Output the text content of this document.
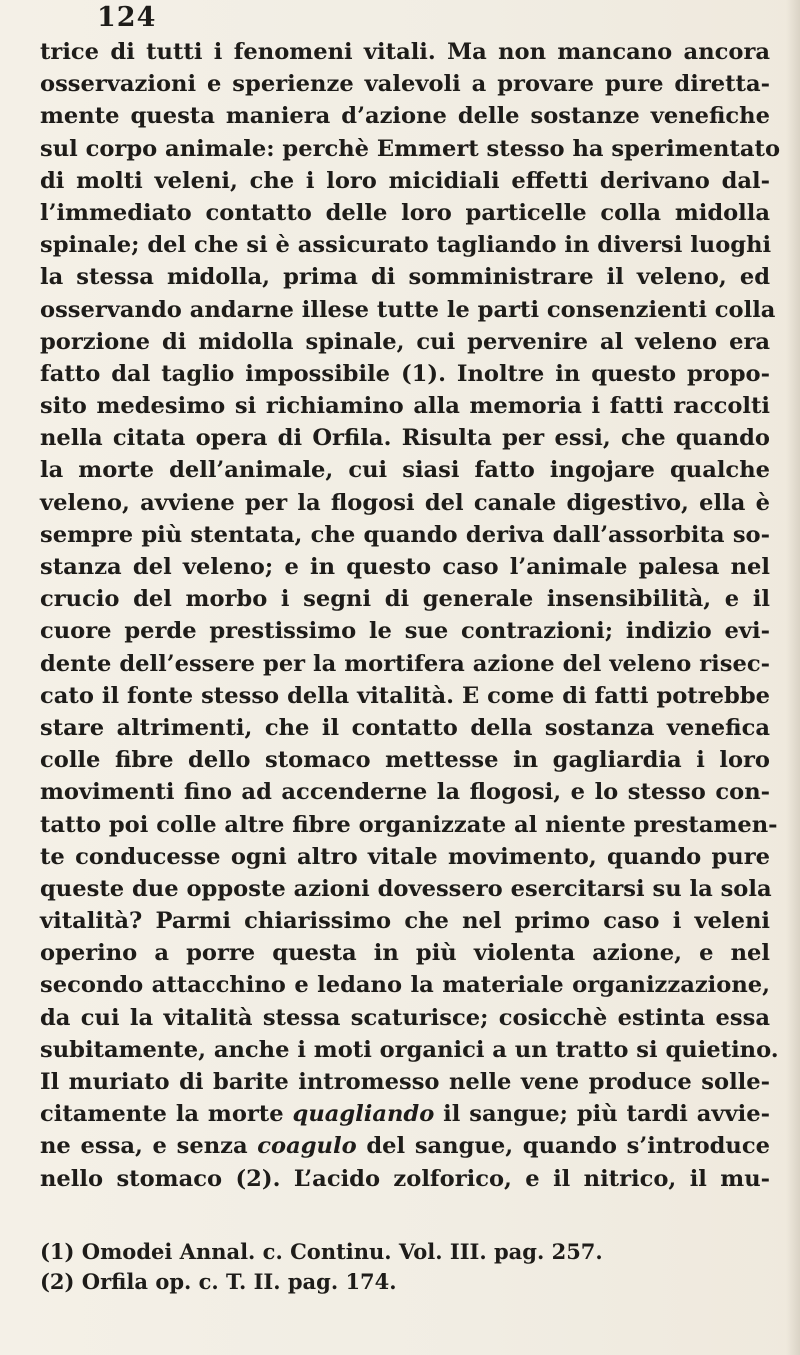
124
trice di tutti i fenomeni vitali. Ma non mancano ancora
osservazioni e sperienze valevoli a provare pure diretta-
mente questa maniera d’azione delle sostanze venefiche
sul corpo animale: perchè Emmert stesso ha sperimentato
di molti veleni, che i loro micidiali effetti derivano dal-
l’immediato contatto delle loro particelle colla midolla
spinale; del che si è assicurato tagliando in diversi luoghi
la stessa midolla, prima di somministrare il veleno, ed
osservando andarne illese tutte le parti consenzienti colla
porzione di midolla spinale, cui pervenire al veleno era
fatto dal taglio impossibile (1). Inoltre in questo propo-
sito medesimo si richiamino alla memoria i fatti raccolti
nella citata opera di Orfila. Risulta per essi, che quando
la morte dell’animale, cui siasi fatto ingojare qualche
veleno, avviene per la flogosi del canale digestivo, ella è
sempre più stentata, che quando deriva dall’assorbita so-
stanza del veleno; e in questo caso l’animale palesa nel
crucio del morbo i segni di generale insensibilità, e il
cuore perde prestissimo le sue contrazioni; indizio evi-
dente dell’essere per la mortifera azione del veleno risec-
cato il fonte stesso della vitalità. E come di fatti potrebbe
stare altrimenti, che il contatto della sostanza venefica
colle fibre dello stomaco mettesse in gagliardia i loro
movimenti fino ad accenderne la flogosi, e lo stesso con-
tatto poi colle altre fibre organizzate al niente prestamen-
te conducesse ogni altro vitale movimento, quando pure
queste due opposte azioni dovessero esercitarsi su la sola
vitalità? Parmi chiarissimo che nel primo caso i veleni
operino a porre questa in più violenta azione, e nel
secondo attacchino e ledano la materiale organizzazione,
da cui la vitalità stessa scaturisce; cosicchè estinta essa
subitamente, anche i moti organici a un tratto si quietino.
Il muriato di barite intromesso nelle vene produce solle-
citamente la morte quagliando il sangue; più tardi avvie-
ne essa, e senza coagulo del sangue, quando s’introduce
nello stomaco (2). L’acido zolforico, e il nitrico, il mu-
(1) Omodei Annal. c. Continu. Vol. III. pag. 257.
(2) Orfila op. c. T. II. pag. 174.
